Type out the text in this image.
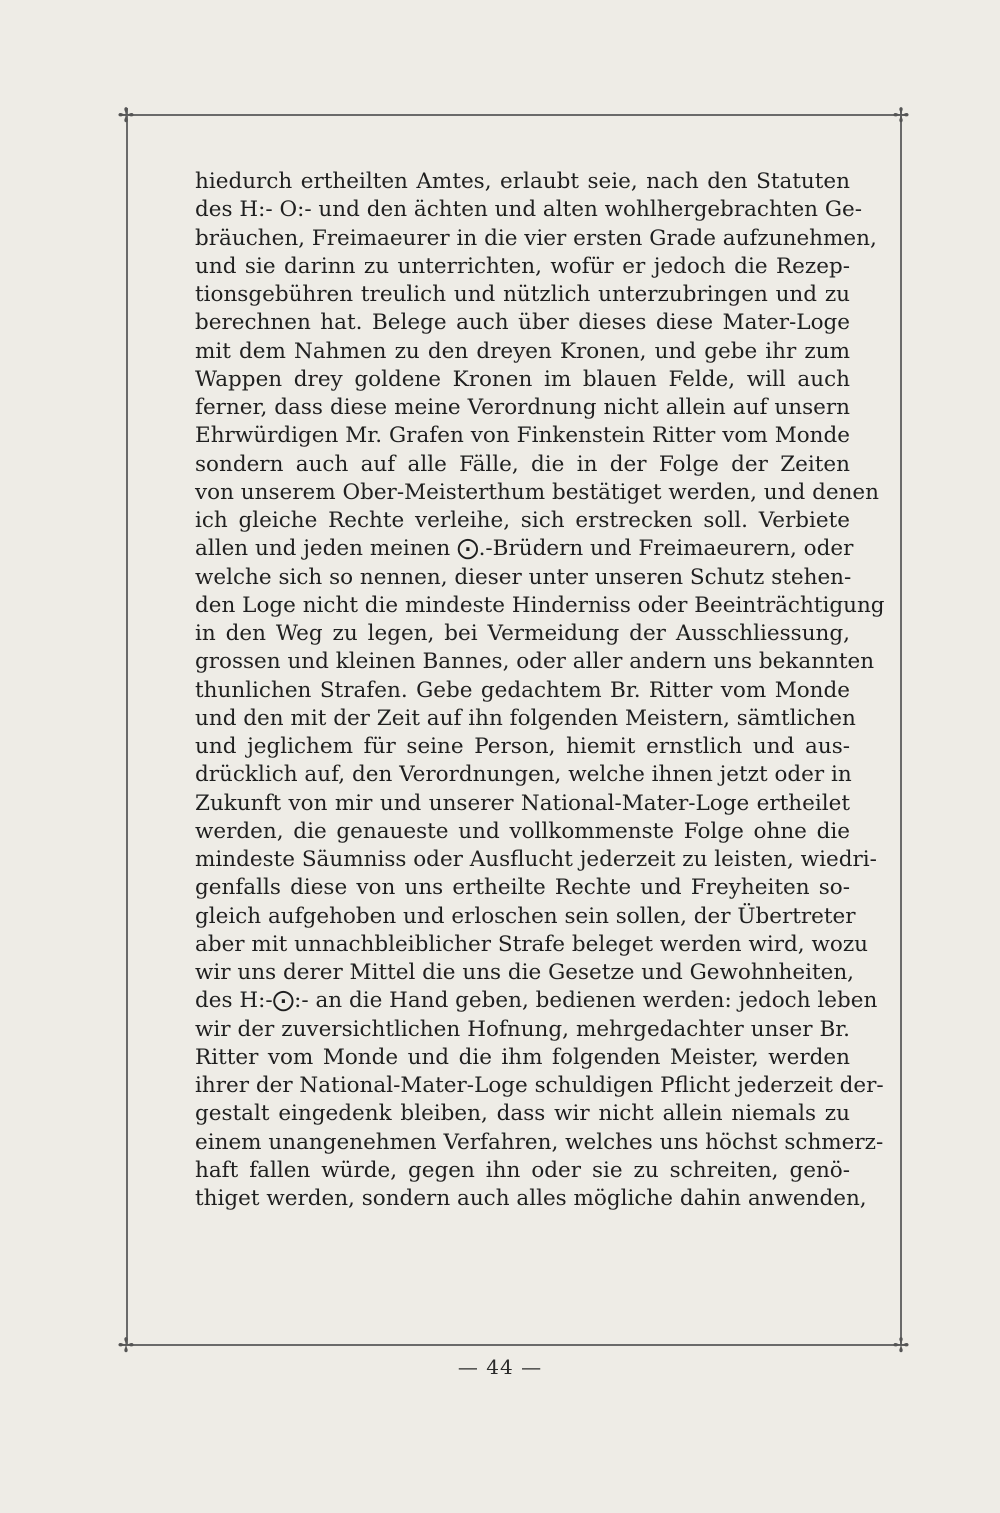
✢	✢
hiedurch ertheilten Amtes, erlaubt seie, nach den Statuten
des H:- O:- und den ächten und alten wohlhergebrachten Ge-
bräuchen, Freimaeurer in die vier ersten Grade aufzunehmen,
und sie darinn zu unterrichten, wofür er jedoch die Rezep-
tionsgebühren treulich und nützlich unterzubringen und zu
berechnen hat. Belege auch über dieses diese Mater-Loge
mit dem Nahmen zu den dreyen Kronen, und gebe ihr zum
Wappen drey goldene Kronen im blauen Felde, will auch
ferner, dass diese meine Verordnung nicht allein auf unsern
Ehrwürdigen Mr. Grafen von Finkenstein Ritter vom Monde
sondern auch auf alle Fälle, die in der Folge der Zeiten
von unserem Ober-Meisterthum bestätiget werden, und denen
ich gleiche Rechte verleihe, sich erstrecken soll. Verbiete
allen und jeden meinen ⨀.-Brüdern und Freimaeurern, oder
welche sich so nennen, dieser unter unseren Schutz stehen-
den Loge nicht die mindeste Hinderniss oder Beeinträchtigung
in den Weg zu legen, bei Vermeidung der Ausschliessung,
grossen und kleinen Bannes, oder aller andern uns bekannten
thunlichen Strafen. Gebe gedachtem Br. Ritter vom Monde
und den mit der Zeit auf ihn folgenden Meistern, sämtlichen
und jeglichem für seine Person, hiemit ernstlich und aus-
drücklich auf, den Verordnungen, welche ihnen jetzt oder in
Zukunft von mir und unserer National-Mater-Loge ertheilet
werden, die genaueste und vollkommenste Folge ohne die
mindeste Säumniss oder Ausflucht jederzeit zu leisten, wiedri-
genfalls diese von uns ertheilte Rechte und Freyheiten so-
gleich aufgehoben und erloschen sein sollen, der Übertreter
aber mit unnachbleiblicher Strafe beleget werden wird, wozu
wir uns derer Mittel die uns die Gesetze und Gewohnheiten,
des H:-⨀:- an die Hand geben, bedienen werden: jedoch leben
wir der zuversichtlichen Hofnung, mehrgedachter unser Br.
Ritter vom Monde und die ihm folgenden Meister, werden
ihrer der National-Mater-Loge schuldigen Pflicht jederzeit der-
gestalt eingedenk bleiben, dass wir nicht allein niemals zu
einem unangenehmen Verfahren, welches uns höchst schmerz-
haft fallen würde, gegen ihn oder sie zu schreiten, genö-
thiget werden, sondern auch alles mögliche dahin anwenden,
— 44 —
✢	✢
